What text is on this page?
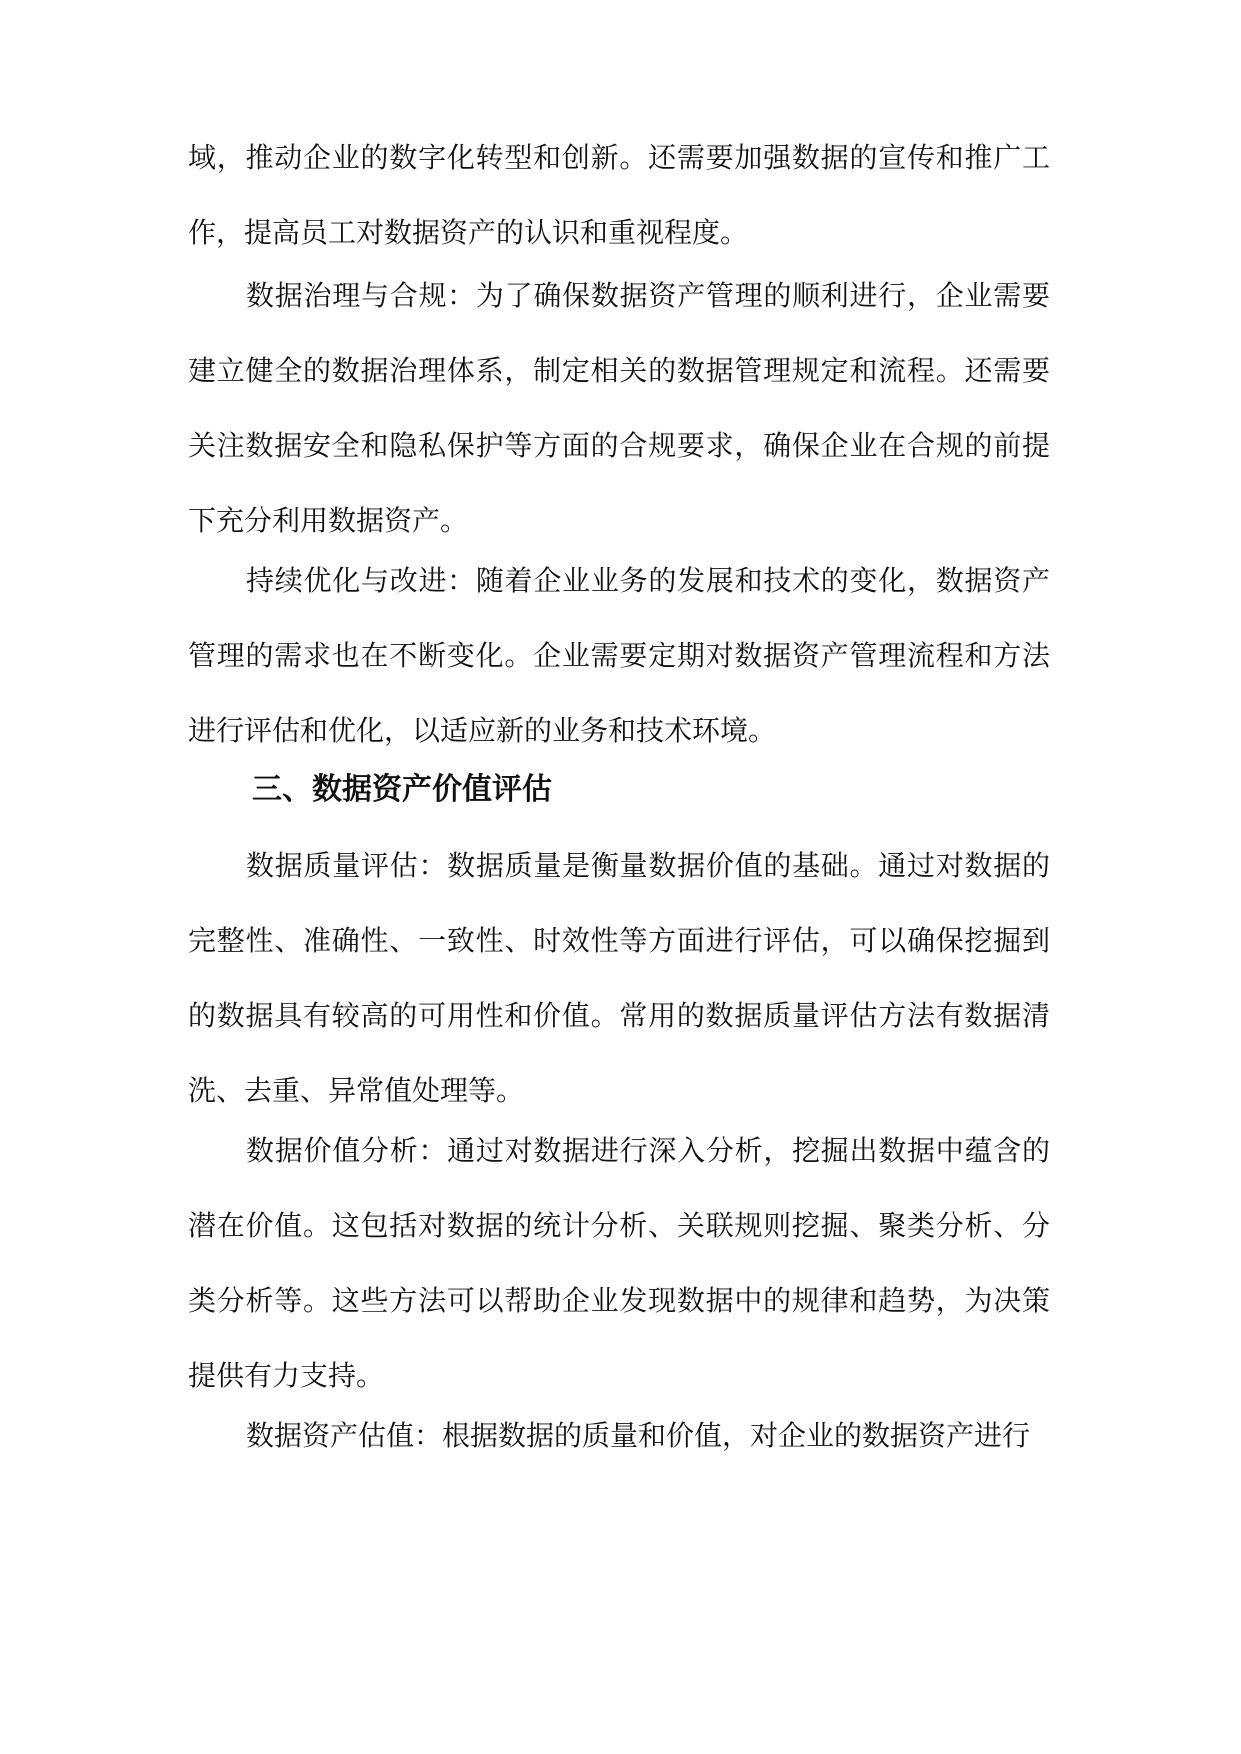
域，推动企业的数字化转型和创新。还需要加强数据的宣传和推广工作，提高员工对数据资产的认识和重视程度。

数据治理与合规：为了确保数据资产管理的顺利进行，企业需要建立健全的数据治理体系，制定相关的数据管理规定和流程。还需要关注数据安全和隐私保护等方面的合规要求，确保企业在合规的前提下充分利用数据资产。

持续优化与改进：随着企业业务的发展和技术的变化，数据资产管理的需求也在不断变化。企业需要定期对数据资产管理流程和方法进行评估和优化，以适应新的业务和技术环境。

三、数据资产价值评估

数据质量评估：数据质量是衡量数据价值的基础。通过对数据的完整性、准确性、一致性、时效性等方面进行评估，可以确保挖掘到的数据具有较高的可用性和价值。常用的数据质量评估方法有数据清洗、去重、异常值处理等。

数据价值分析：通过对数据进行深入分析，挖掘出数据中蕴含的潜在价值。这包括对数据的统计分析、关联规则挖掘、聚类分析、分类分析等。这些方法可以帮助企业发现数据中的规律和趋势，为决策提供有力支持。

数据资产估值：根据数据的质量和价值，对企业的数据资产进行
